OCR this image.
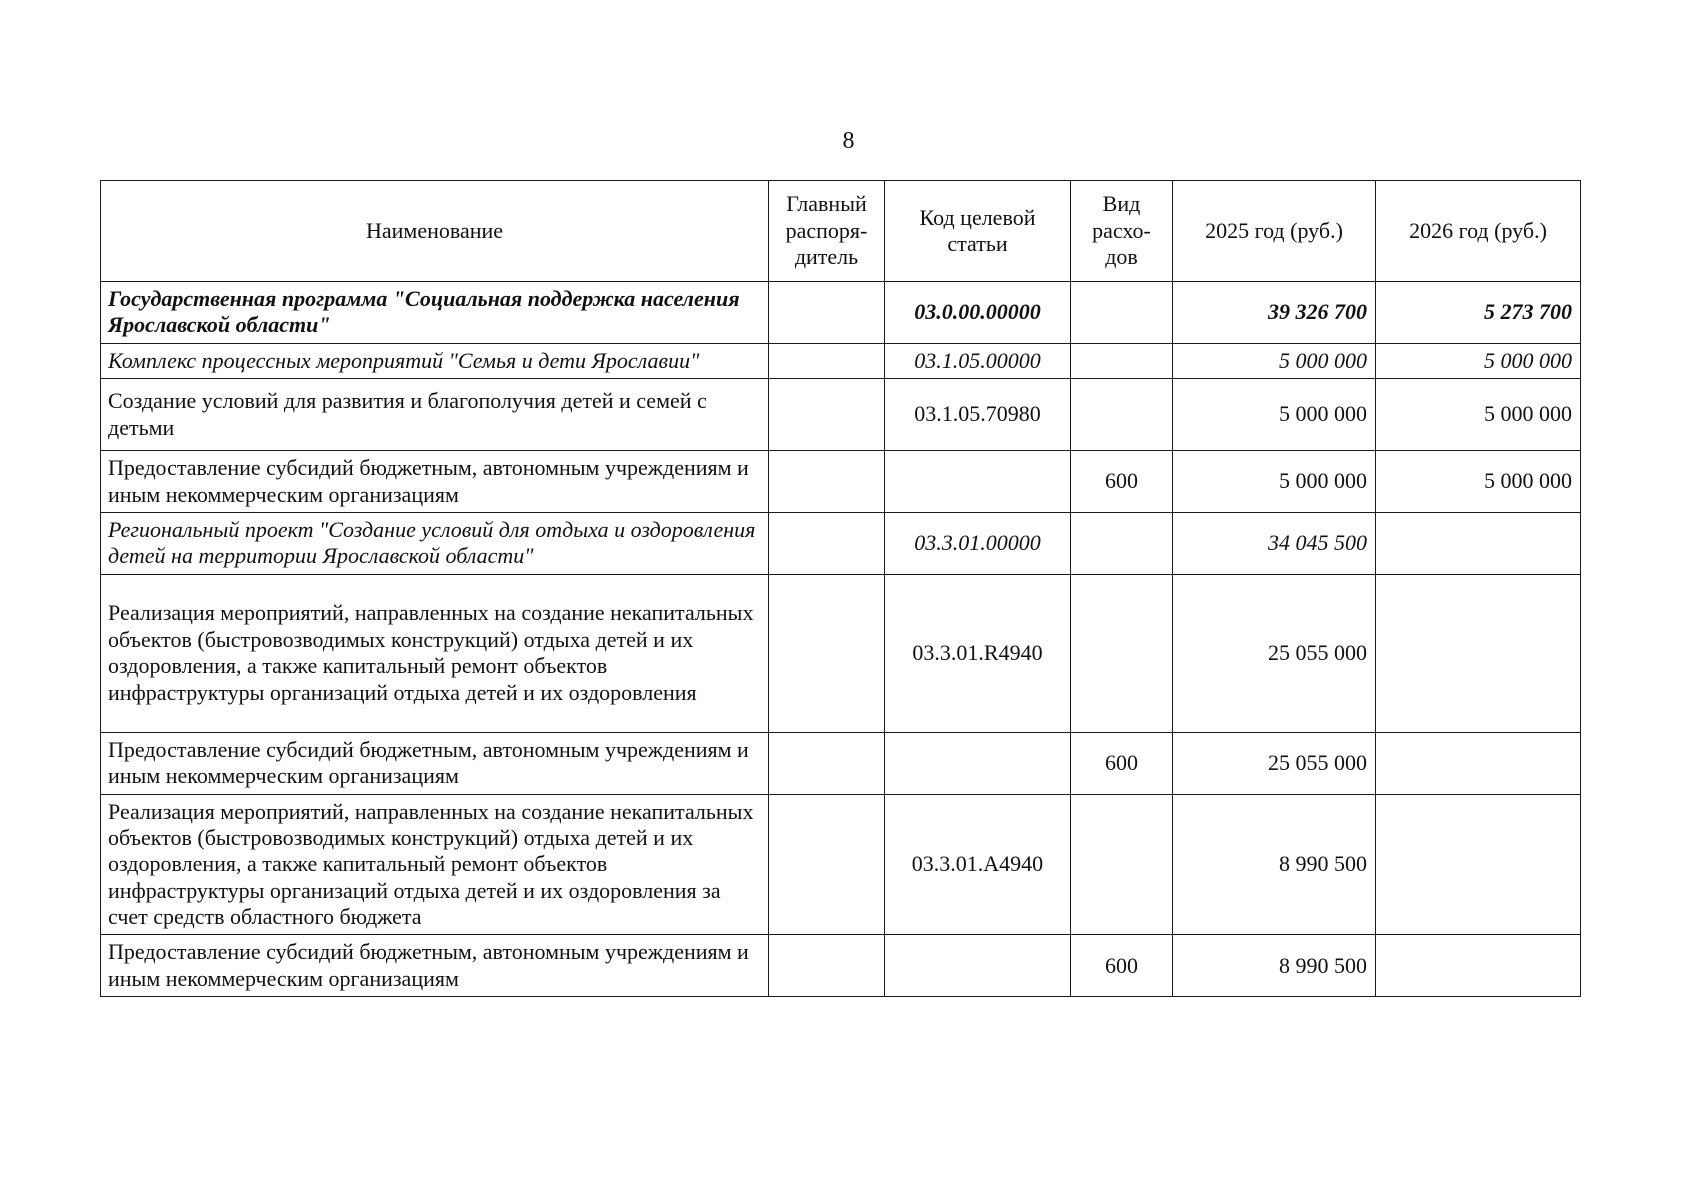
8
Наименование	Главный распоря-дитель	Код целевой статьи	Вид расхо-дов	2025 год (руб.)	2026 год (руб.)
Государственная программа "Социальная поддержка населения Ярославской области"		03.0.00.00000		39 326 700	5 273 700
Комплекс процессных мероприятий "Семья и дети Ярославии"		03.1.05.00000		5 000 000	5 000 000
Создание условий для развития и благополучия детей и семей с детьми		03.1.05.70980		5 000 000	5 000 000
Предоставление субсидий бюджетным, автономным учреждениям и иным некоммерческим организациям			600	5 000 000	5 000 000
Региональный проект "Создание условий для отдыха и оздоровления детей на территории Ярославской области"		03.3.01.00000		34 045 500	
Реализация мероприятий, направленных на создание некапитальных объектов (быстровозводимых конструкций) отдыха детей и их оздоровления, а также капитальный ремонт объектов инфраструктуры организаций отдыха детей и их оздоровления		03.3.01.R4940		25 055 000	
Предоставление субсидий бюджетным, автономным учреждениям и иным некоммерческим организациям			600	25 055 000	
Реализация мероприятий, направленных на создание некапитальных объектов (быстровозводимых конструкций) отдыха детей и их оздоровления, а также капитальный ремонт объектов инфраструктуры организаций отдыха детей и их оздоровления за счет средств областного бюджета		03.3.01.А4940		8 990 500	
Предоставление субсидий бюджетным, автономным учреждениям и иным некоммерческим организациям			600	8 990 500	
